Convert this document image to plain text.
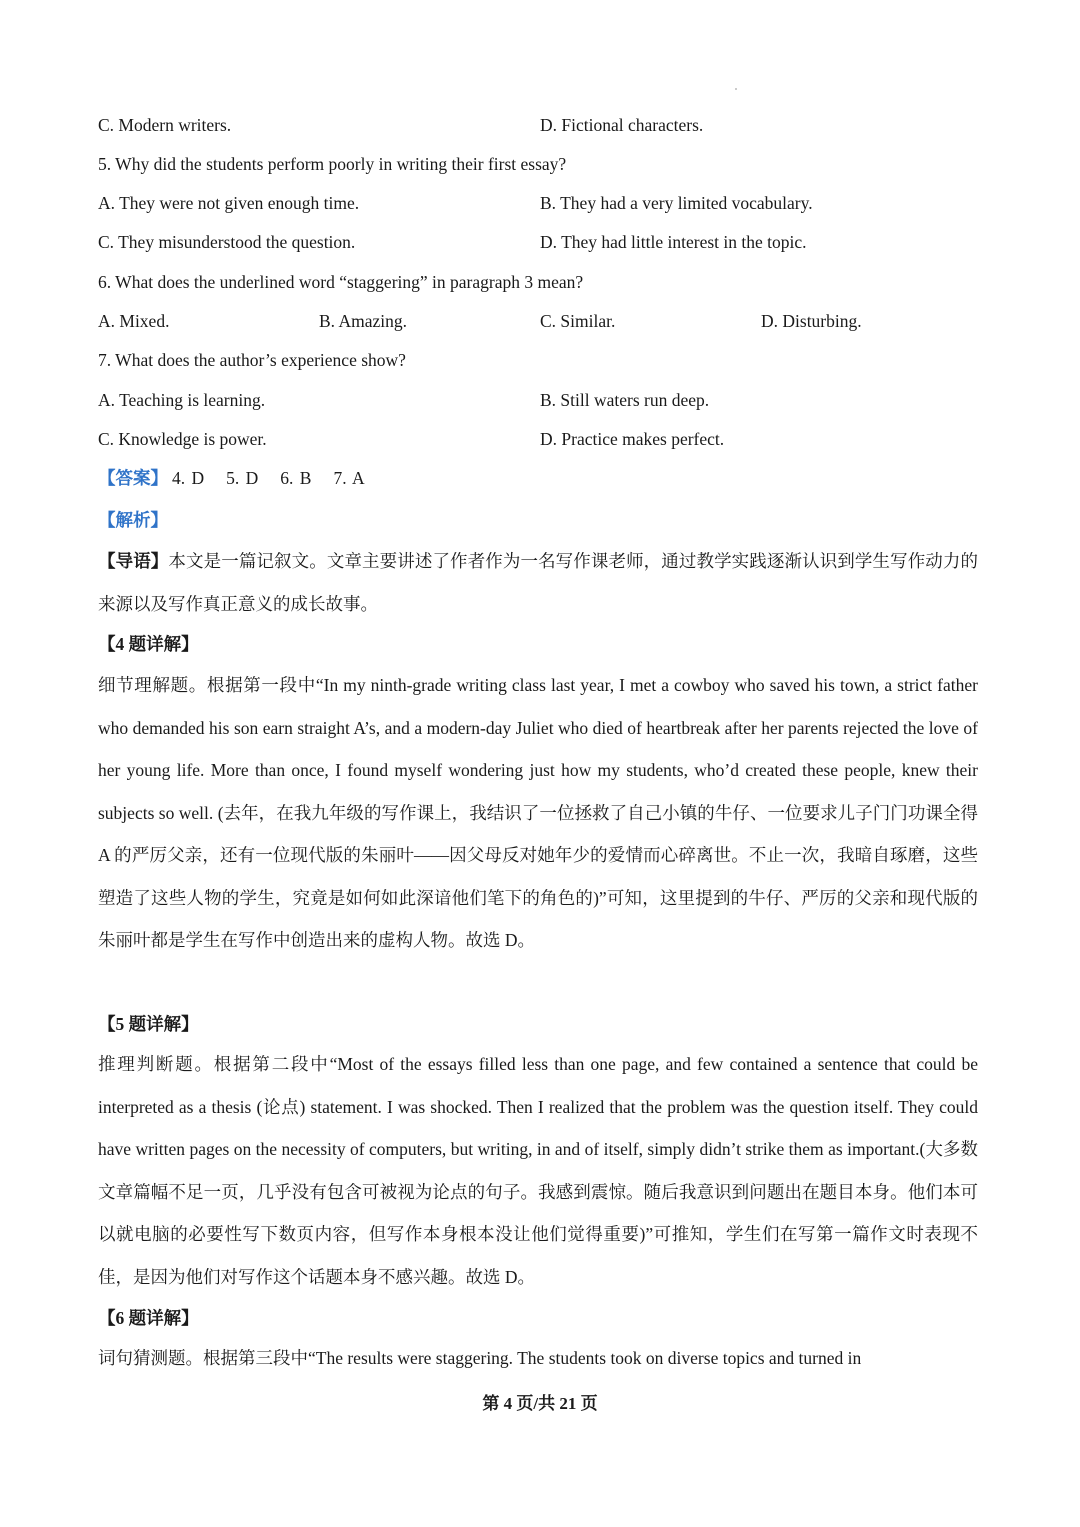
C. Modern writers.	D. Fictional characters.
5. Why did the students perform poorly in writing their first essay?
A. They were not given enough time.	B. They had a very limited vocabulary.
C. They misunderstood the question.	D. They had little interest in the topic.
6. What does the underlined word “staggering” in paragraph 3 mean?
A. Mixed.	B. Amazing.	C. Similar.	D. Disturbing.
7. What does the author’s experience show?
A. Teaching is learning.	B. Still waters run deep.
C. Knowledge is power.	D. Practice makes perfect.
【答案】 4. D 5. D 6. B 7. A
【解析】
【导语】本文是一篇记叙文。文章主要讲述了作者作为一名写作课老师，通过教学实践逐渐认识到学生写作动力的来源以及写作真正意义的成长故事。
【4 题详解】
细节理解题。根据第一段中“In my ninth-grade writing class last year, I met a cowboy who saved his town, a strict father who demanded his son earn straight A’s, and a modern-day Juliet who died of heartbreak after her parents rejected the love of her young life. More than once, I found myself wondering just how my students, who’d created these people, knew their subjects so well. (去年，在我九年级的写作课上，我结识了一位拯救了自己小镇的牛仔、一位要求儿子门门功课全得 A 的严厉父亲，还有一位现代版的朱丽叶——因父母反对她年少的爱情而心碎离世。不止一次，我暗自琢磨，这些塑造了这些人物的学生，究竟是如何如此深谙他们笔下的角色的)”可知，这里提到的牛仔、严厉的父亲和现代版的朱丽叶都是学生在写作中创造出来的虚构人物。故选 D。
【5 题详解】
推理判断题。根据第二段中“Most of the essays filled less than one page, and few contained a sentence that could be interpreted as a thesis (论点) statement. I was shocked. Then I realized that the problem was the question itself. They could have written pages on the necessity of computers, but writing, in and of itself, simply didn’t strike them as important.(大多数文章篇幅不足一页，几乎没有包含可被视为论点的句子。我感到震惊。随后我意识到问题出在题目本身。他们本可以就电脑的必要性写下数页内容，但写作本身根本没让他们觉得重要)”可推知，学生们在写第一篇作文时表现不佳，是因为他们对写作这个话题本身不感兴趣。故选 D。
【6 题详解】
词句猜测题。根据第三段中“The results were staggering. The students took on diverse topics and turned in
第 4 页/共 21 页
